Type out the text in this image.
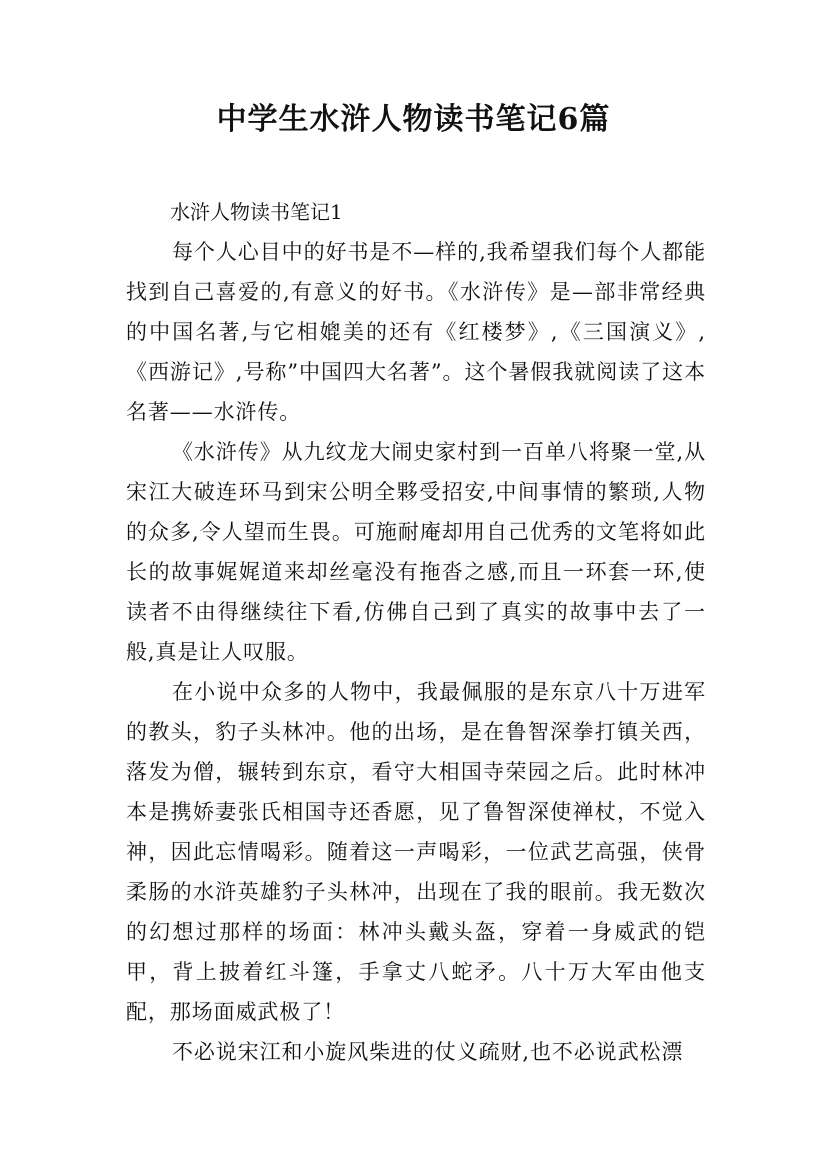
中学生水浒人物读书笔记6篇
水浒人物读书笔记1

每个人心目中的好书是不—样的,我希望我们每个人都能找到自己喜爱的,有意义的好书。《水浒传》是—部非常经典的中国名著,与它相媲美的还有《红楼梦》,《三国演义》,《西游记》,号称”中国四大名著”。这个暑假我就阅读了这本名著——水浒传。

《水浒传》从九纹龙大闹史家村到一百单八将聚一堂,从宋江大破连环马到宋公明全夥受招安,中间事情的繁琐,人物的众多,令人望而生畏。可施耐庵却用自己优秀的文笔将如此长的故事娓娓道来却丝毫没有拖沓之感,而且一环套一环,使读者不由得继续往下看,仿佛自己到了真实的故事中去了一般,真是让人叹服。

在小说中众多的人物中，我最佩服的是东京八十万进军的教头，豹子头林冲。他的出场，是在鲁智深拳打镇关西，落发为僧，辗转到东京，看守大相国寺荣园之后。此时林冲本是携娇妻张氏相国寺还香愿，见了鲁智深使禅杖，不觉入神，因此忘情喝彩。随着这一声喝彩，一位武艺高强，侠骨柔肠的水浒英雄豹子头林冲，出现在了我的眼前。我无数次的幻想过那样的场面：林冲头戴头盔，穿着一身威武的铠甲，背上披着红斗篷，手拿丈八蛇矛。八十万大军由他支配，那场面威武极了！

不必说宋江和小旋风柴进的仗义疏财,也不必说武松漂
